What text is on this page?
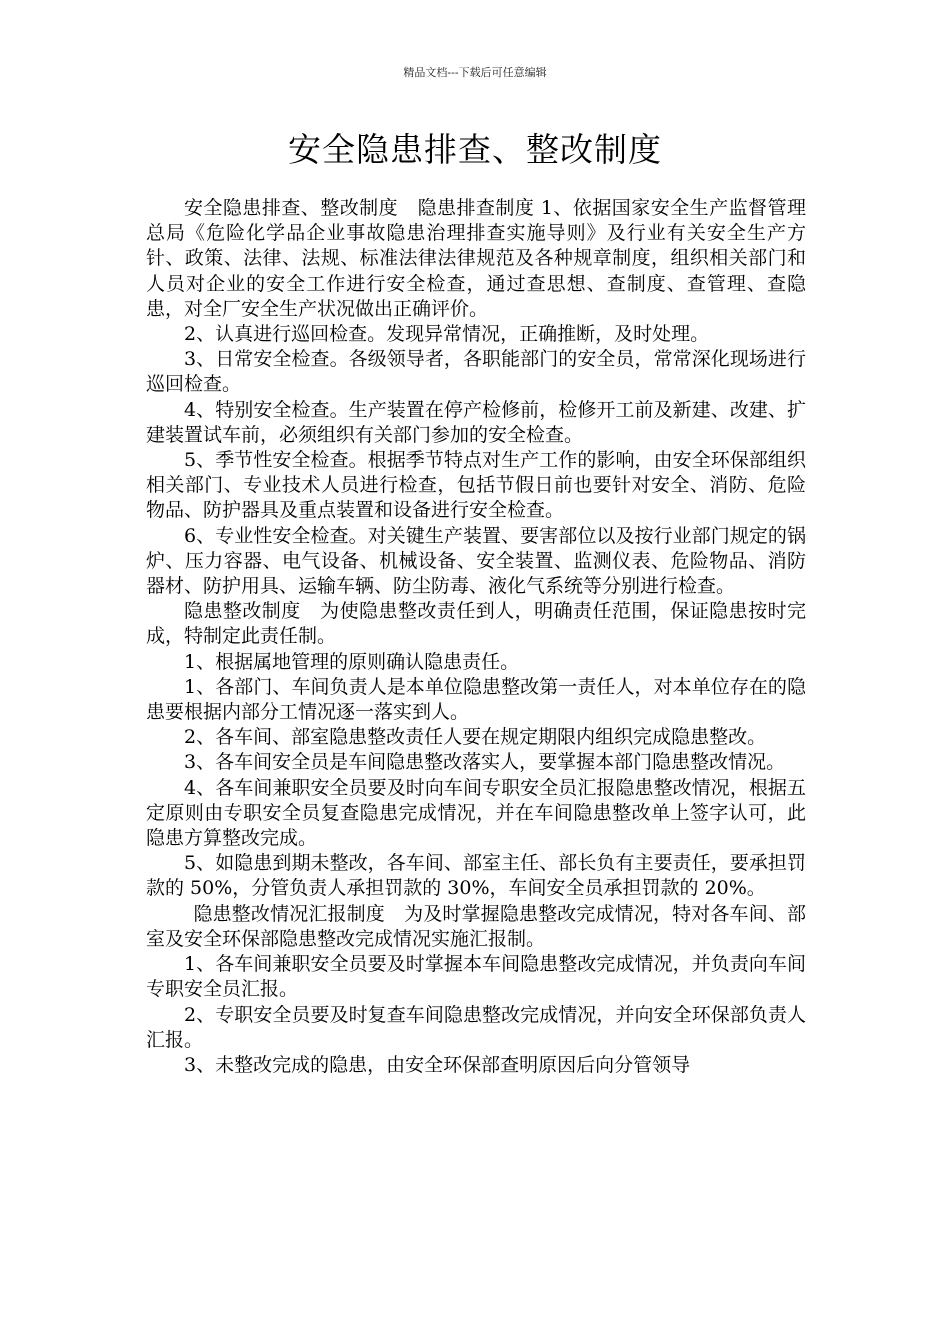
精品文档---下载后可任意编辑
安全隐患排查、整改制度

安全隐患排查、整改制度　隐患排查制度 1、依据国家安全生产监督管理总局《危险化学品企业事故隐患治理排查实施导则》及行业有关安全生产方针、政策、法律、法规、标准法律法律规范及各种规章制度，组织相关部门和人员对企业的安全工作进行安全检查，通过查思想、查制度、查管理、查隐患，对全厂安全生产状况做出正确评价。

2、认真进行巡回检查。发现异常情况，正确推断，及时处理。

3、日常安全检查。各级领导者，各职能部门的安全员，常常深化现场进行巡回检查。

4、特别安全检查。生产装置在停产检修前，检修开工前及新建、改建、扩建装置试车前，必须组织有关部门参加的安全检查。

5、季节性安全检查。根据季节特点对生产工作的影响，由安全环保部组织相关部门、专业技术人员进行检查，包括节假日前也要针对安全、消防、危险物品、防护器具及重点装置和设备进行安全检查。

6、专业性安全检查。对关键生产装置、要害部位以及按行业部门规定的锅炉、压力容器、电气设备、机械设备、安全装置、监测仪表、危险物品、消防器材、防护用具、运输车辆、防尘防毒、液化气系统等分别进行检查。

隐患整改制度　为使隐患整改责任到人，明确责任范围，保证隐患按时完成，特制定此责任制。

1、根据属地管理的原则确认隐患责任。

1、各部门、车间负责人是本单位隐患整改第一责任人，对本单位存在的隐患要根据内部分工情况逐一落实到人。

2、各车间、部室隐患整改责任人要在规定期限内组织完成隐患整改。

3、各车间安全员是车间隐患整改落实人，要掌握本部门隐患整改情况。

4、各车间兼职安全员要及时向车间专职安全员汇报隐患整改情况，根据五定原则由专职安全员复查隐患完成情况，并在车间隐患整改单上签字认可，此隐患方算整改完成。

5、如隐患到期未整改，各车间、部室主任、部长负有主要责任，要承担罚款的 50%，分管负责人承担罚款的 30%，车间安全员承担罚款的 20%。

隐患整改情况汇报制度　为及时掌握隐患整改完成情况，特对各车间、部室及安全环保部隐患整改完成情况实施汇报制。

1、各车间兼职安全员要及时掌握本车间隐患整改完成情况，并负责向车间专职安全员汇报。

2、专职安全员要及时复查车间隐患整改完成情况，并向安全环保部负责人汇报。

3、未整改完成的隐患，由安全环保部查明原因后向分管领导
